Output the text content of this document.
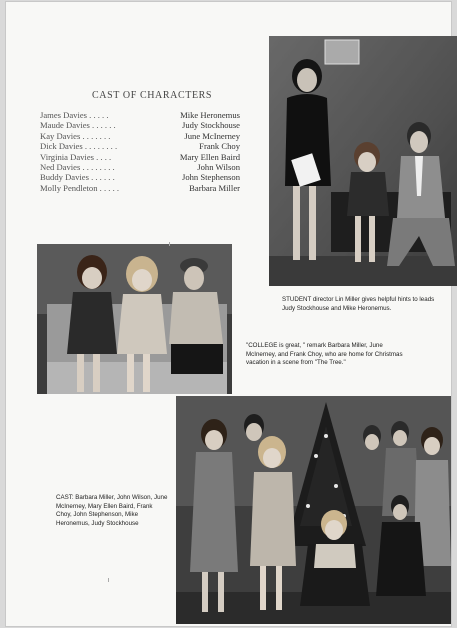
CAST OF CHARACTERS
James Davies . . . . .	Mike Heronemus
Maude Davies . . . . . .	Judy Stockhouse
Kay Davies . . . . . . .	June McInerney
Dick Davies . . . . . . . .	Frank Choy
Virginia Davies . . . .	Mary Ellen Baird
Ned Davies . . . . . . . .	John Wilson
Buddy Davies . . . . . .	John Stephenson
Molly Pendleton . . . . .	Barbara Miller
STUDENT director Lin Miller gives helpful hints to leads Judy Stockhouse and Mike Heronemus.
"COLLEGE is great, " remark Barbara Miller, June McInerney, and Frank Choy, who are home for Christmas vacation in a scene from "The Tree."
CAST: Barbara Miller, John Wilson, June McInerney, Mary Ellen Baird, Frank Choy, John Stephenson, Mike Heronemus, Judy Stockhouse
